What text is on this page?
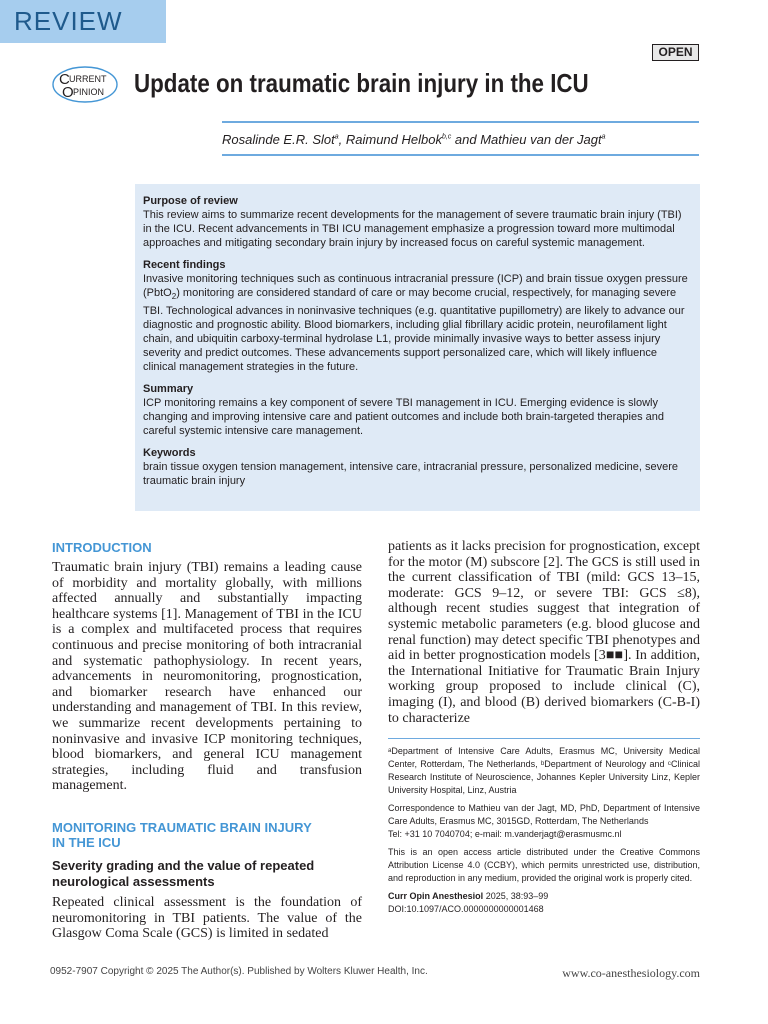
REVIEW
OPEN
C URRENT
O PINION Update on traumatic brain injury in the ICU
Rosalinde E.R. Slot$^a$, Raimund Helbok$^{b,c}$ and Mathieu van der Jagt$^a$
Purpose of review

This review aims to summarize recent developments for the management of severe traumatic brain injury (TBI) in the ICU. Recent advancements in TBI ICU management emphasize a progression toward more multimodal approaches and mitigating secondary brain injury by increased focus on careful systemic management.

Recent findings

Invasive monitoring techniques such as continuous intracranial pressure (ICP) and brain tissue oxygen pressure (PbtO$_2$) monitoring are considered standard of care or may become crucial, respectively, for managing severe TBI. Technological advances in noninvasive techniques (e.g. quantitative pupillometry) are likely to advance our diagnostic and prognostic ability. Blood biomarkers, including glial fibrillary acidic protein, neurofilament light chain, and ubiquitin carboxy-terminal hydrolase L1, provide minimally invasive ways to better assess injury severity and predict outcomes. These advancements support personalized care, which will likely influence clinical management strategies in the future.

Summary

ICP monitoring remains a key component of severe TBI management in ICU. Emerging evidence is slowly changing and improving intensive care and patient outcomes and include both brain-targeted therapies and careful systemic intensive care management.

Keywords

brain tissue oxygen tension management, intensive care, intracranial pressure, personalized medicine, severe traumatic brain injury

INTRODUCTION

Traumatic brain injury (TBI) remains a leading cause of morbidity and mortality globally, with millions affected annually and substantially impacting healthcare systems [1]. Management of TBI in the ICU is a complex and multifaceted process that requires continuous and precise monitoring of both intracranial and systematic pathophysiology. In recent years, advancements in neuromonitoring, prognostication, and biomarker research have enhanced our understanding and management of TBI. In this review, we summarize recent developments pertaining to noninvasive and invasive ICP monitoring techniques, blood biomarkers, and general ICU management strategies, including fluid and transfusion management.

MONITORING TRAUMATIC BRAIN INJURY IN THE ICU
Severity grading and the value of repeated neurological assessments

Repeated clinical assessment is the foundation of neuromonitoring in TBI patients. The value of the Glasgow Coma Scale (GCS) is limited in sedated

patients as it lacks precision for prognostication, except for the motor (M) subscore [2]. The GCS is still used in the current classification of TBI (mild: GCS 13–15, moderate: GCS 9–12, or severe TBI: GCS ≤8), although recent studies suggest that integration of systemic metabolic parameters (e.g. blood glucose and renal function) may detect specific TBI phenotypes and aid in better prognostication models [3■■]. In addition, the International Initiative for Traumatic Brain Injury working group proposed to include clinical (C), imaging (I), and blood (B) derived biomarkers (C-B-I) to characterize

ᵃDepartment of Intensive Care Adults, Erasmus MC, University Medical Center, Rotterdam, The Netherlands, ᵇDepartment of Neurology and ᶜClinical Research Institute of Neuroscience, Johannes Kepler University Linz, Kepler University Hospital, Linz, Austria

Correspondence to Mathieu van der Jagt, MD, PhD, Department of Intensive Care Adults, Erasmus MC, 3015GD, Rotterdam, The Netherlands

Tel: +31 10 7040704; e-mail: m.vanderjagt@erasmusmc.nl

This is an open access article distributed under the Creative Commons Attribution License 4.0 (CCBY), which permits unrestricted use, distribution, and reproduction in any medium, provided the original work is properly cited.

Curr Opin Anesthesiol 2025, 38:93–99

DOI:10.1097/ACO.0000000000001468

0952-7907 Copyright © 2025 The Author(s). Published by Wolters Kluwer Health, Inc.	www.co-anesthesiology.com
